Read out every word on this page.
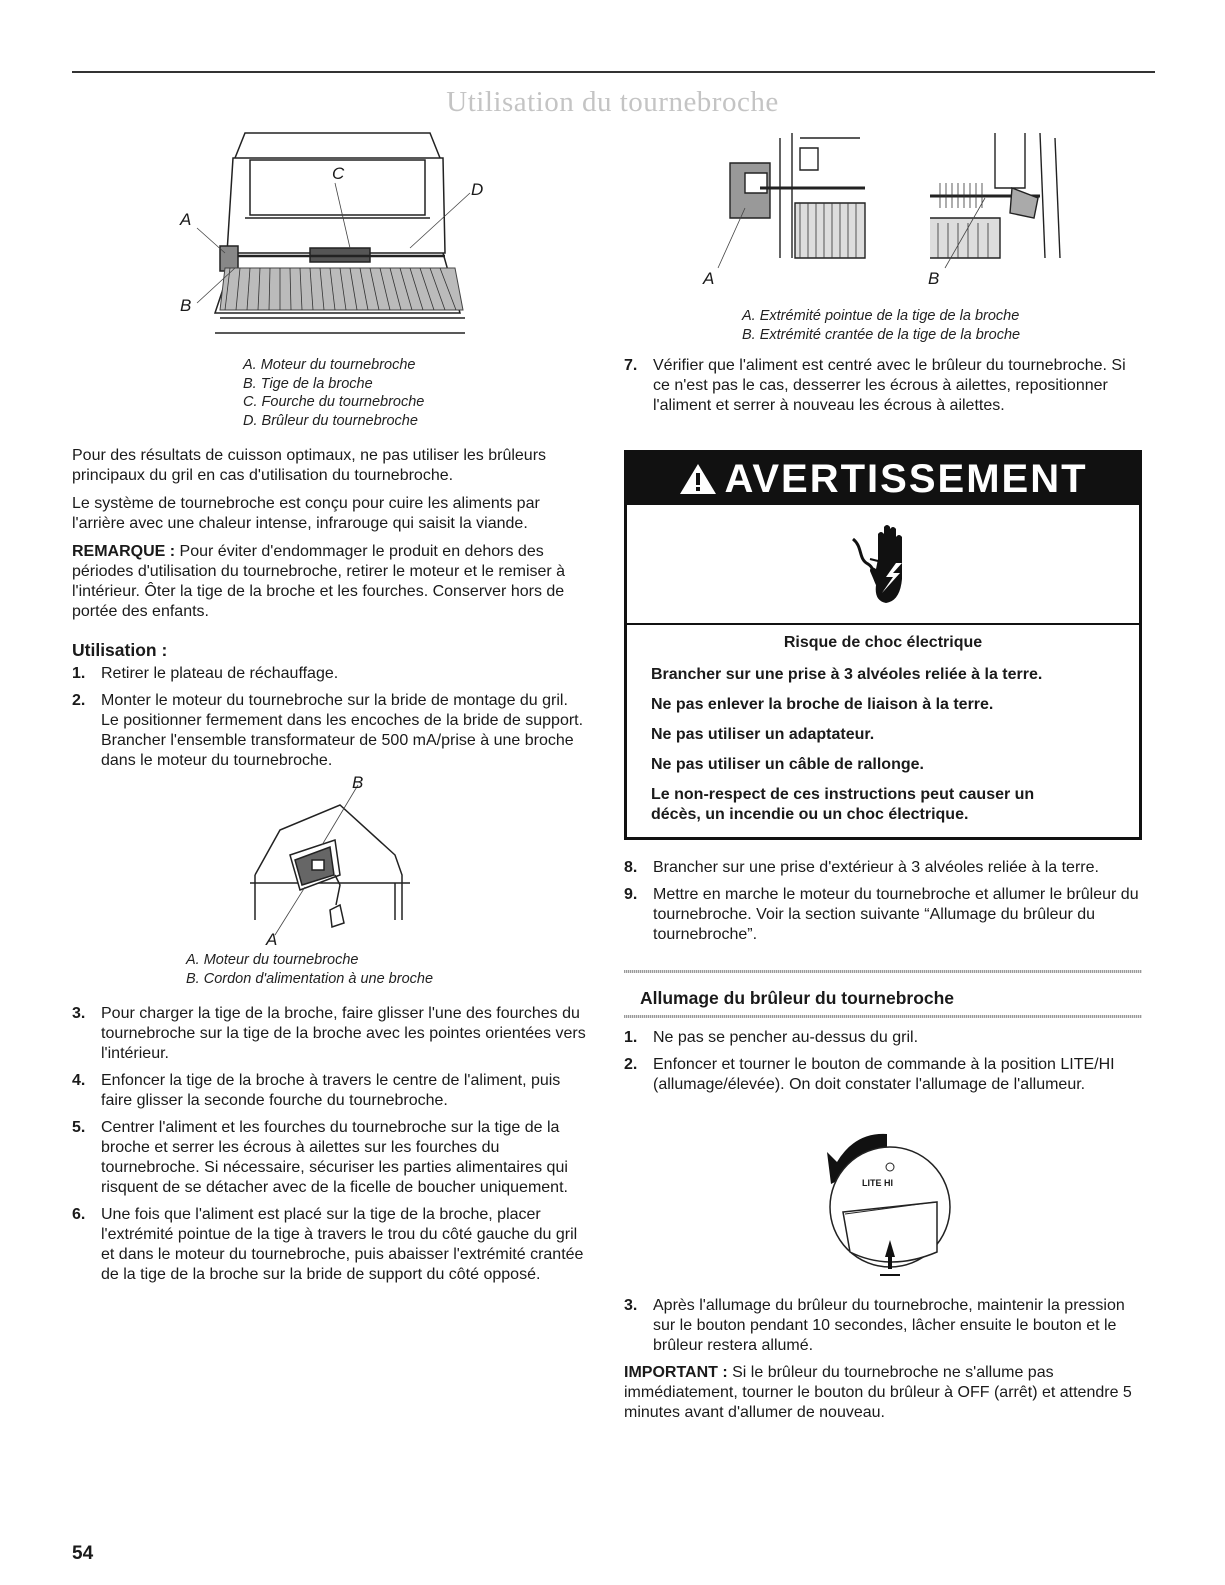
Utilisation du tournebroche
A
B
C
D
A. Moteur du tournebroche
B. Tige de la broche
C. Fourche du tournebroche
D. Brûleur du tournebroche

Pour des résultats de cuisson optimaux, ne pas utiliser les brûleurs principaux du gril en cas d'utilisation du tournebroche.

Le système de tournebroche est conçu pour cuire les aliments par l'arrière avec une chaleur intense, infrarouge qui saisit la viande.

REMARQUE : Pour éviter d'endommager le produit en dehors des périodes d'utilisation du tournebroche, retirer le moteur et le remiser à l'intérieur. Ôter la tige de la broche et les fourches. Conserver hors de portée des enfants.

Utilisation :
1. Retirer le plateau de réchauffage.
2. Monter le moteur du tournebroche sur la bride de montage du gril. Le positionner fermement dans les encoches de la bride de support. Brancher l'ensemble transformateur de 500 mA/prise à une broche dans le moteur du tournebroche.
B
A
A. Moteur du tournebroche
B. Cordon d'alimentation à une broche
3. Pour charger la tige de la broche, faire glisser l'une des fourches du tournebroche sur la tige de la broche avec les pointes orientées vers l'intérieur.
4. Enfoncer la tige de la broche à travers le centre de l'aliment, puis faire glisser la seconde fourche du tournebroche.
5. Centrer l'aliment et les fourches du tournebroche sur la tige de la broche et serrer les écrous à ailettes sur les fourches du tournebroche. Si nécessaire, sécuriser les parties alimentaires qui risquent de se détacher avec de la ficelle de boucher uniquement.
6. Une fois que l'aliment est placé sur la tige de la broche, placer l'extrémité pointue de la tige à travers le trou du côté gauche du gril et dans le moteur du tournebroche, puis abaisser l'extrémité crantée de la tige de la broche sur la bride de support du côté opposé.
A	B
A. Extrémité pointue de la tige de la broche
B. Extrémité crantée de la tige de la broche
7. Vérifier que l'aliment est centré avec le brûleur du tournebroche. Si ce n'est pas le cas, desserrer les écrous à ailettes, repositionner l'aliment et serrer à nouveau les écrous à ailettes.
AVERTISSEMENT

Risque de choc électrique

Brancher sur une prise à 3 alvéoles reliée à la terre.

Ne pas enlever la broche de liaison à la terre.

Ne pas utiliser un adaptateur.

Ne pas utiliser un câble de rallonge.

Le non-respect de ces instructions peut causer un décès, un incendie ou un choc électrique.

8. Brancher sur une prise d'extérieur à 3 alvéoles reliée à la terre.
9. Mettre en marche le moteur du tournebroche et allumer le brûleur du tournebroche. Voir la section suivante “Allumage du brûleur du tournebroche”.
Allumage du brûleur du tournebroche
1. Ne pas se pencher au-dessus du gril.
2. Enfoncer et tourner le bouton de commande à la position LITE/HI (allumage/élevée). On doit constater l'allumage de l'allumeur.
LITE HI
3. Après l'allumage du brûleur du tournebroche, maintenir la pression sur le bouton pendant 10 secondes, lâcher ensuite le bouton et le brûleur restera allumé.

IMPORTANT : Si le brûleur du tournebroche ne s'allume pas immédiatement, tourner le bouton du brûleur à OFF (arrêt) et attendre 5 minutes avant d'allumer de nouveau.

54
